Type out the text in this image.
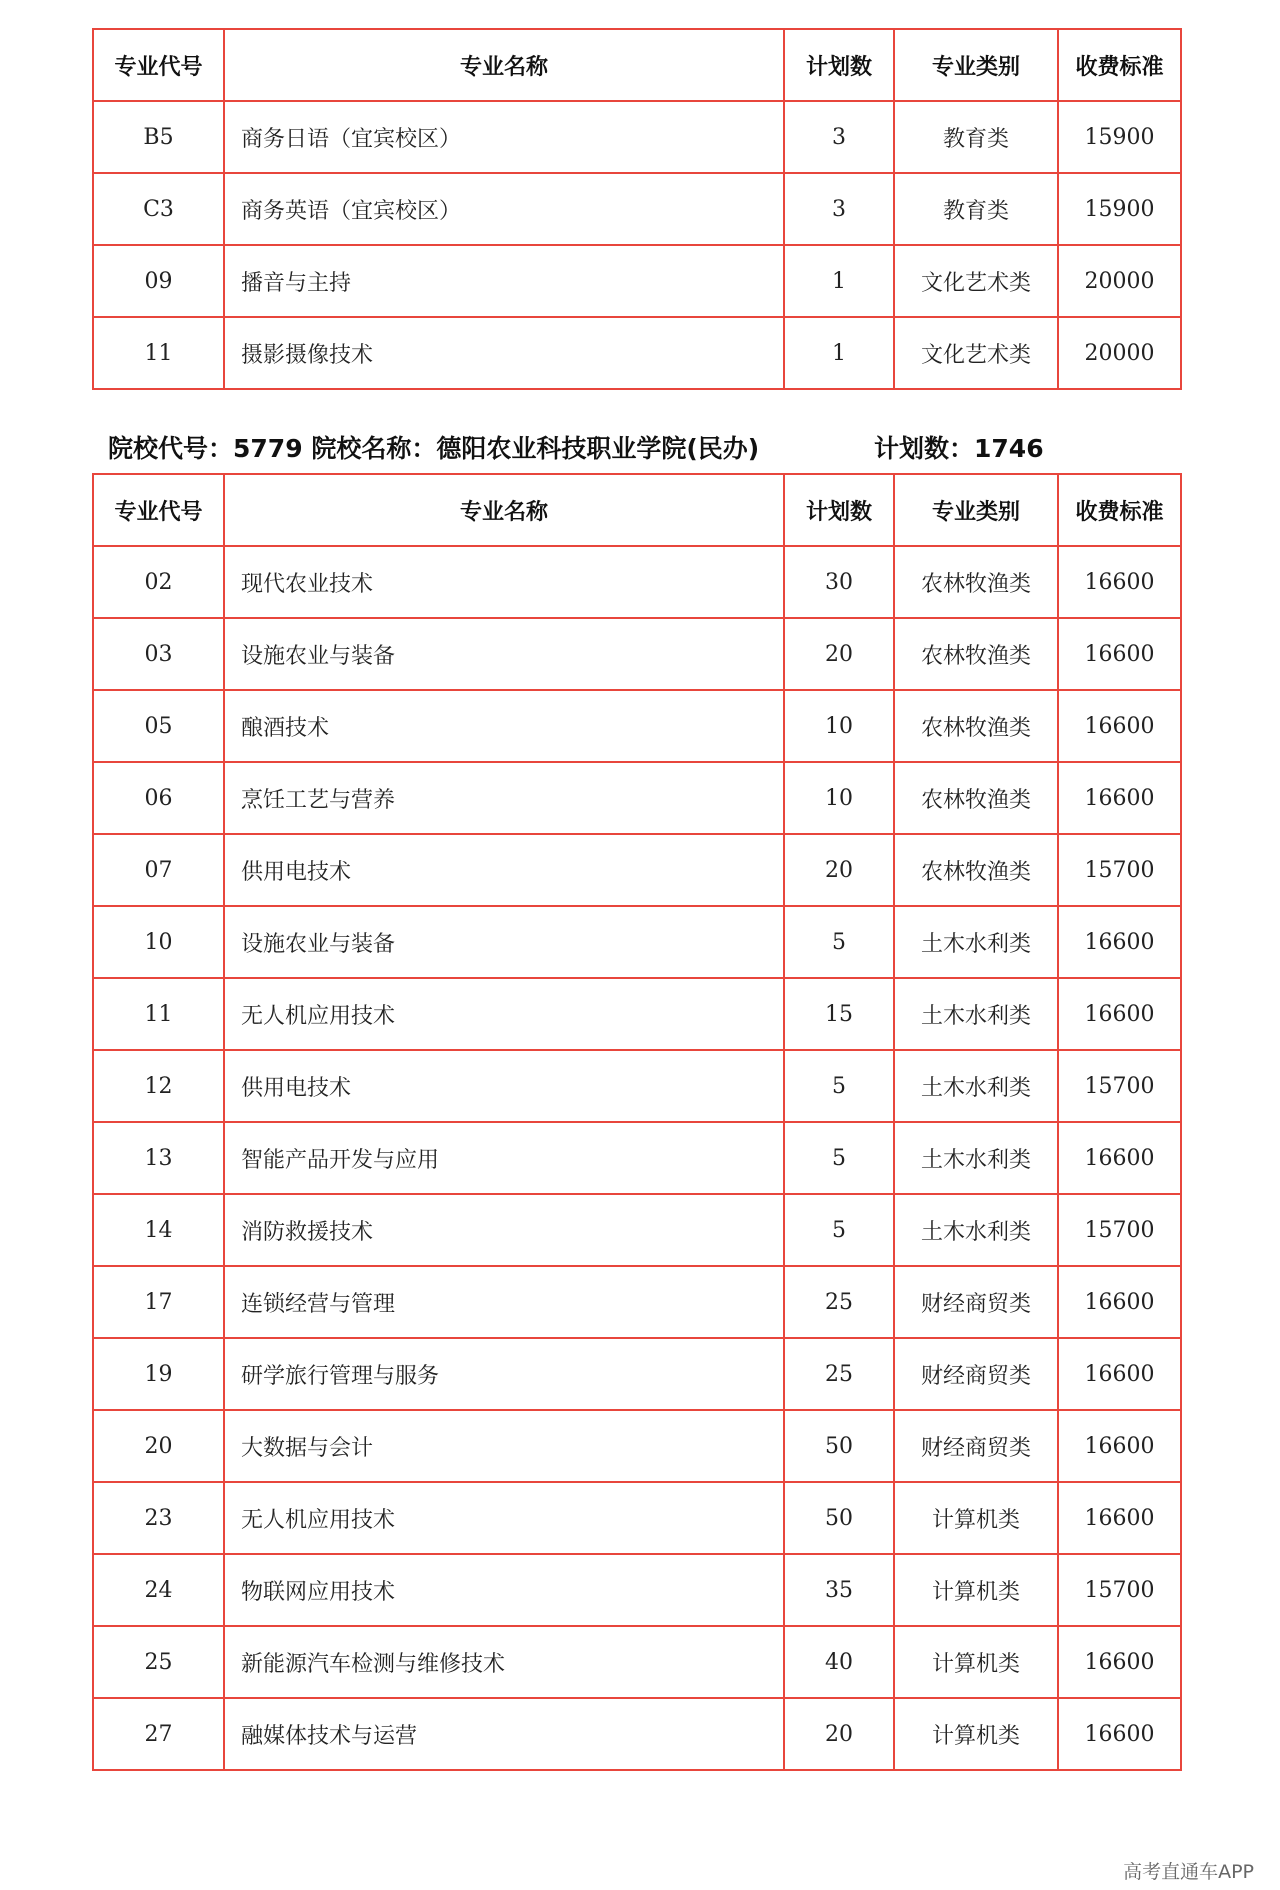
专业代号	专业名称	计划数	专业类别	收费标准
B5	商务日语（宜宾校区）	3	教育类	15900
C3	商务英语（宜宾校区）	3	教育类	15900
09	播音与主持	1	文化艺术类	20000
11	摄影摄像技术	1	文化艺术类	20000
院校代号：5779 院校名称：德阳农业科技职业学院(民办)	计划数：1746
专业代号	专业名称	计划数	专业类别	收费标准
02	现代农业技术	30	农林牧渔类	16600
03	设施农业与装备	20	农林牧渔类	16600
05	酿酒技术	10	农林牧渔类	16600
06	烹饪工艺与营养	10	农林牧渔类	16600
07	供用电技术	20	农林牧渔类	15700
10	设施农业与装备	5	土木水利类	16600
11	无人机应用技术	15	土木水利类	16600
12	供用电技术	5	土木水利类	15700
13	智能产品开发与应用	5	土木水利类	16600
14	消防救援技术	5	土木水利类	15700
17	连锁经营与管理	25	财经商贸类	16600
19	研学旅行管理与服务	25	财经商贸类	16600
20	大数据与会计	50	财经商贸类	16600
23	无人机应用技术	50	计算机类	16600
24	物联网应用技术	35	计算机类	15700
25	新能源汽车检测与维修技术	40	计算机类	16600
27	融媒体技术与运营	20	计算机类	16600
高考直通车APP
